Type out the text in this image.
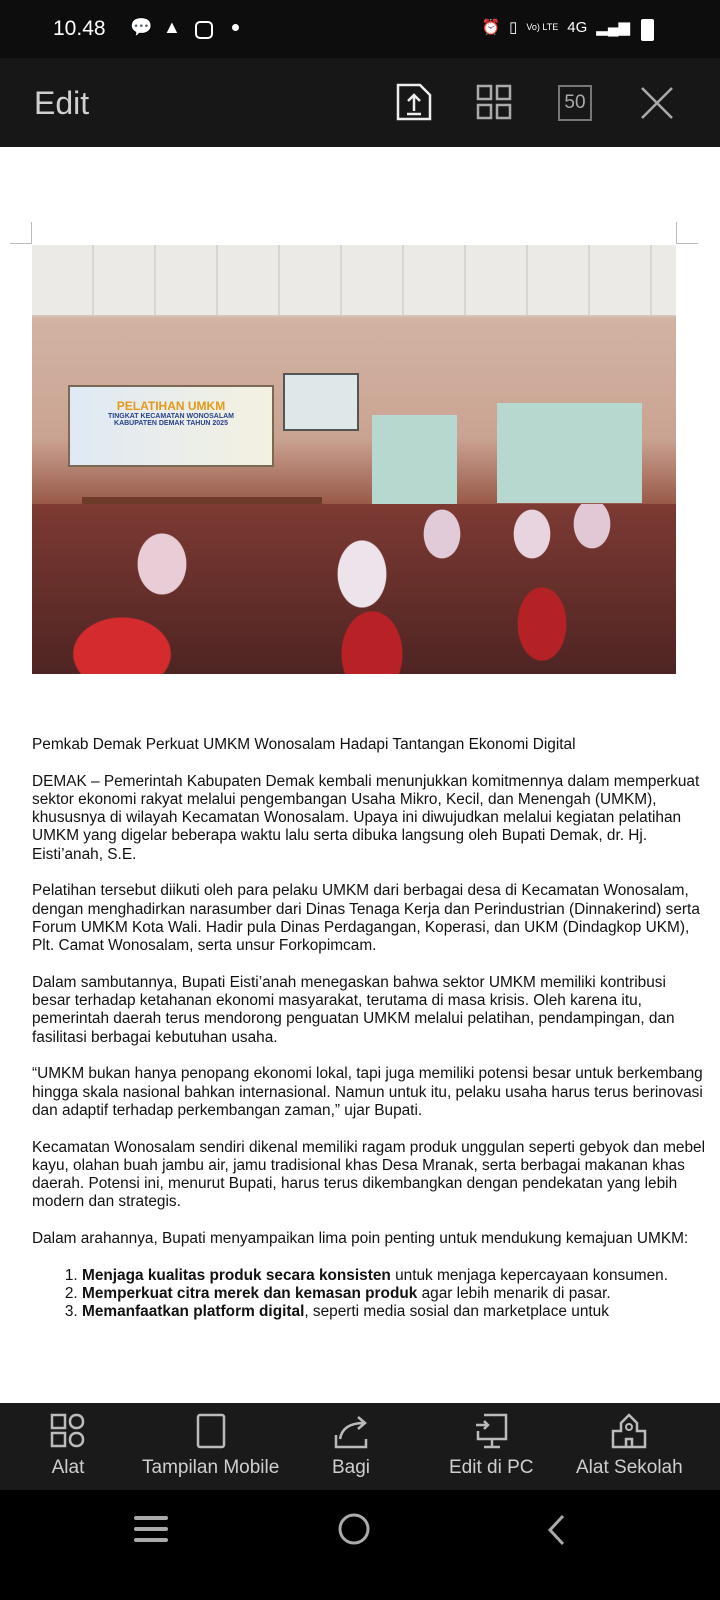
10.48 💬 ▲	⏰ ▯ Vo) LTE 4G ▂▄▆
Edit	50
PELATIHAN UMKM
TINGKAT KECAMATAN WONOSALAM
KABUPATEN DEMAK TAHUN 2025

Pemkab Demak Perkuat UMKM Wonosalam Hadapi Tantangan Ekonomi Digital

DEMAK – Pemerintah Kabupaten Demak kembali menunjukkan komitmennya dalam memperkuat sektor ekonomi rakyat melalui pengembangan Usaha Mikro, Kecil, dan Menengah (UMKM), khususnya di wilayah Kecamatan Wonosalam. Upaya ini diwujudkan melalui kegiatan pelatihan UMKM yang digelar beberapa waktu lalu serta dibuka langsung oleh Bupati Demak, dr. Hj. Eisti’anah, S.E.

Pelatihan tersebut diikuti oleh para pelaku UMKM dari berbagai desa di Kecamatan Wonosalam, dengan menghadirkan narasumber dari Dinas Tenaga Kerja dan Perindustrian (Dinnakerind) serta Forum UMKM Kota Wali. Hadir pula Dinas Perdagangan, Koperasi, dan UKM (Dindagkop UKM), Plt. Camat Wonosalam, serta unsur Forkopimcam.

Dalam sambutannya, Bupati Eisti’anah menegaskan bahwa sektor UMKM memiliki kontribusi besar terhadap ketahanan ekonomi masyarakat, terutama di masa krisis. Oleh karena itu, pemerintah daerah terus mendorong penguatan UMKM melalui pelatihan, pendampingan, dan fasilitasi berbagai kebutuhan usaha.

“UMKM bukan hanya penopang ekonomi lokal, tapi juga memiliki potensi besar untuk berkembang hingga skala nasional bahkan internasional. Namun untuk itu, pelaku usaha harus terus berinovasi dan adaptif terhadap perkembangan zaman,” ujar Bupati.

Kecamatan Wonosalam sendiri dikenal memiliki ragam produk unggulan seperti gebyok dan mebel kayu, olahan buah jambu air, jamu tradisional khas Desa Mranak, serta berbagai makanan khas daerah. Potensi ini, menurut Bupati, harus terus dikembangkan dengan pendekatan yang lebih modern dan strategis.

Dalam arahannya, Bupati menyampaikan lima poin penting untuk mendukung kemajuan UMKM:

1. Menjaga kualitas produk secara konsisten untuk menjaga kepercayaan konsumen.
2. Memperkuat citra merek dan kemasan produk agar lebih menarik di pasar.
3. Memanfaatkan platform digital, seperti media sosial dan marketplace untuk
Alat	Tampilan Mobile	Bagi	Edit di PC Alat Sekolah
